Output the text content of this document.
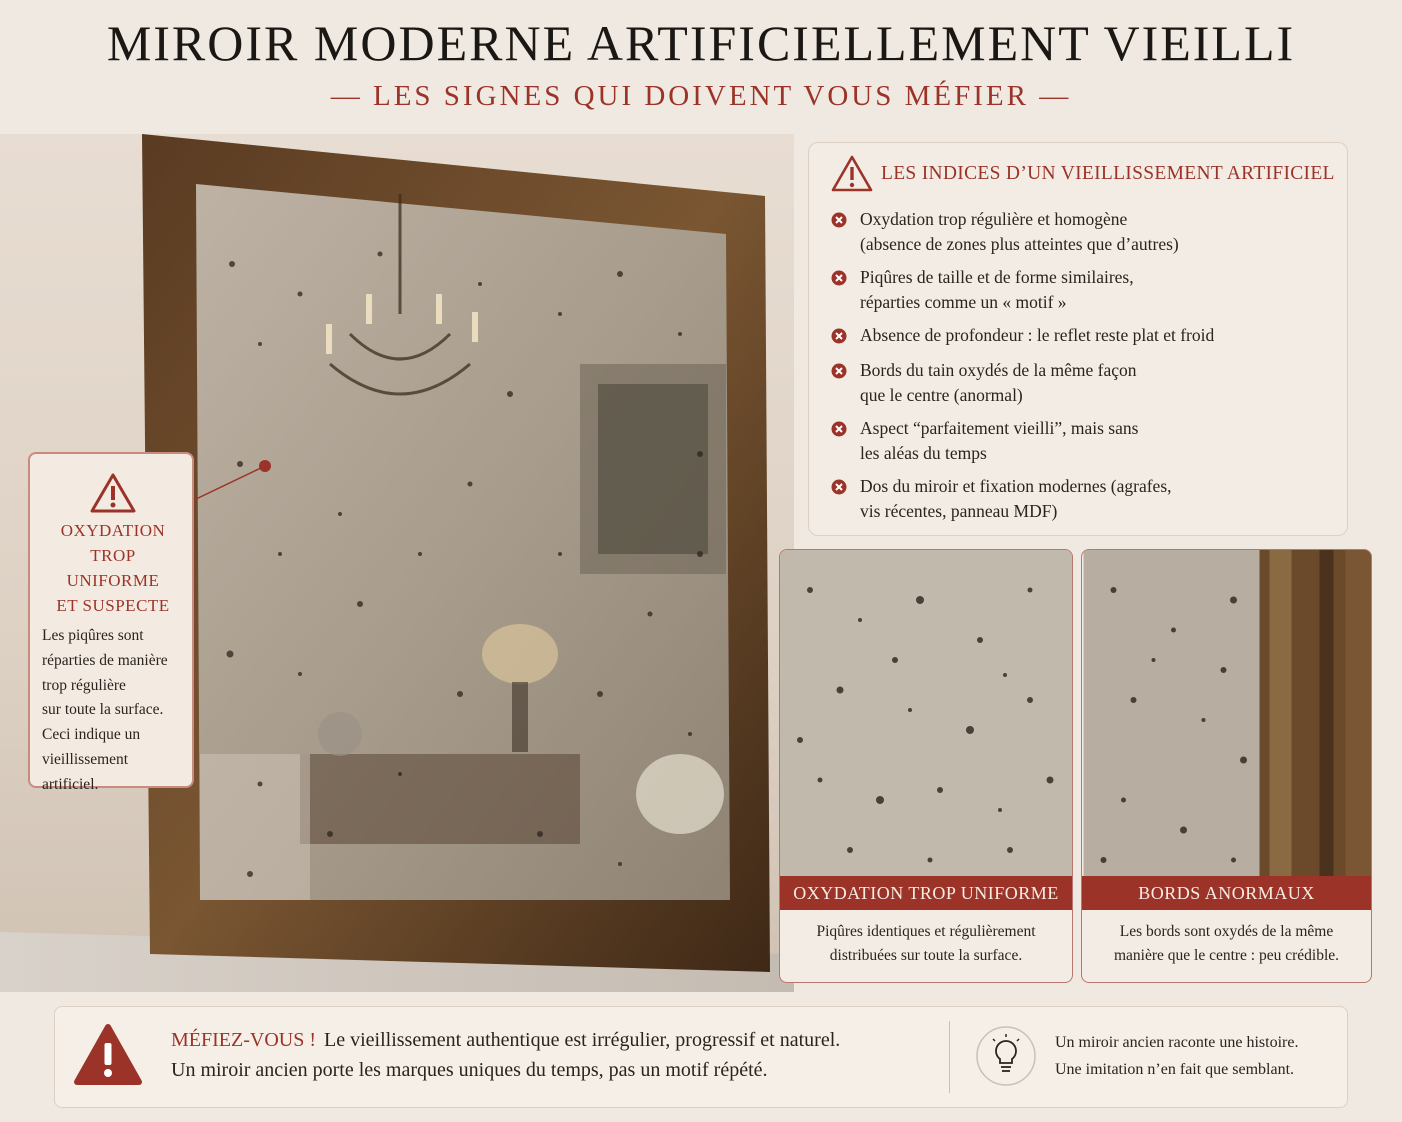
MIROIR MODERNE ARTIFICIELLEMENT VIEILLI
— LES SIGNES QUI DOIVENT VOUS MÉFIER —
OXYDATION
TROP UNIFORME
ET SUSPECTE
Les piqûres sont
réparties de manière
trop régulière
sur toute la surface.
Ceci indique un
vieillissement
artificiel.
LES INDICES D’UN VIEILLISSEMENT ARTIFICIEL
Oxydation trop régulière et homogène
(absence de zones plus atteintes que d’autres)
Piqûres de taille et de forme similaires,
réparties comme un « motif »
Absence de profondeur : le reflet reste plat et froid
Bords du tain oxydés de la même façon
que le centre (anormal)
Aspect “parfaitement vieilli”, mais sans
les aléas du temps
Dos du miroir et fixation modernes (agrafes,
vis récentes, panneau MDF)
OXYDATION TROP UNIFORME
Piqûres identiques et régulièrement
distribuées sur toute la surface.
BORDS ANORMAUX
Les bords sont oxydés de la même
manière que le centre : peu crédible.
MÉFIEZ-VOUS ! Le vieillissement authentique est irrégulier, progressif et naturel.
Un miroir ancien porte les marques uniques du temps, pas un motif répété.
Un miroir ancien raconte une histoire.
Une imitation n’en fait que semblant.
